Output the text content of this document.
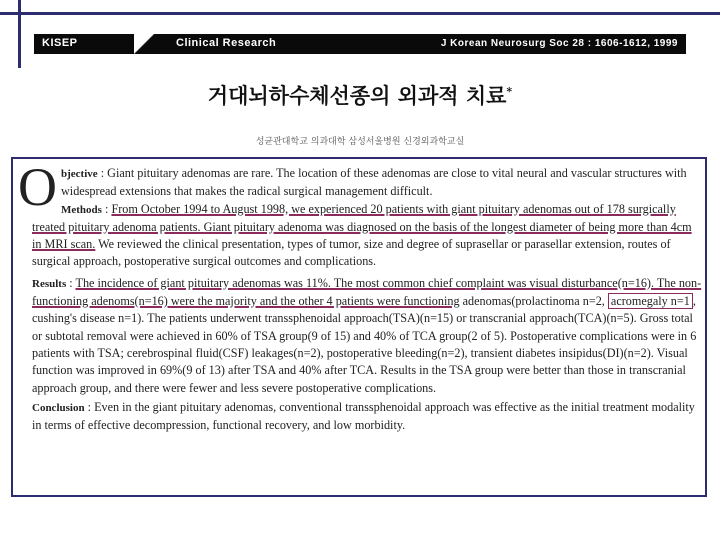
KISEP	Clinical Research	J Korean Neurosurg Soc 28 : 1606-1612, 1999
거대뇌하수체선종의 외과적 치료*
성균관대학교 의과대학 삼성서울병원 신경외과학교실

Objective : Giant pituitary adenomas are rare. The location of these adenomas are close to vital neural and vascular structures with widespread extensions that makes the radical surgical management difficult.

Methods : From October 1994 to August 1998, we experienced 20 patients with giant pituitary adenomas out of 178 surgically treated pituitary adenoma patients. Giant pituitary adenoma was diagnosed on the basis of the longest diameter of being more than 4cm in MRI scan. We reviewed the clinical presentation, types of tumor, size and degree of suprasellar or parasellar extension, routes of surgical approach, postoperative surgical outcomes and complications.

Results : The incidence of giant pituitary adenomas was 11%. The most common chief complaint was visual disturbance(n=16). The non-functioning adenoms(n=16) were the majority and the other 4 patients were functioning adenomas(prolactinoma n=2, acromegaly n=1 , cushing's disease n=1). The patients underwent transsphenoidal approach(TSA)(n=15) or transcranial approach(TCA)(n=5). Gross total or subtotal removal were achieved in 60% of TSA group(9 of 15) and 40% of TCA group(2 of 5). Postoperative complications were in 6 patients with TSA; cerebrospinal fluid(CSF) leakages(n=2), postoperative bleeding(n=2), transient diabetes insipidus(DI)(n=2). Visual function was improved in 69%(9 of 13) after TSA and 40% after TCA. Results in the TSA group were better than those in transcranial approach group, and there were fewer and less severe postoperative complications.

Conclusion : Even in the giant pituitary adenomas, conventional transsphenoidal approach was effective as the initial treatment modality in terms of effective decompression, functional recovery, and low morbidity.
